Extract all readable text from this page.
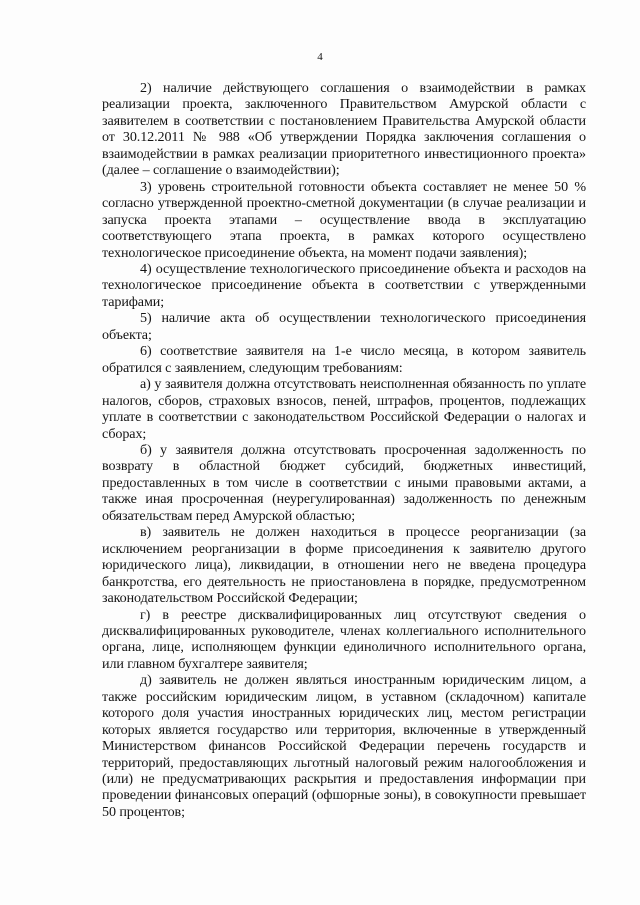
4

2) наличие действующего соглашения о взаимодействии в рамках реализации проекта, заключенного Правительством Амурской области с заявителем в соответствии с постановлением Правительства Амурской области от 30.12.2011 № 988 «Об утверждении Порядка заключения соглашения о взаимодействии в рамках реализации приоритетного инвестиционного проекта» (далее – соглашение о взаимодействии);

3) уровень строительной готовности объекта составляет не менее 50 % согласно утвержденной проектно-сметной документации (в случае реализации и запуска проекта этапами – осуществление ввода в эксплуатацию соответствующего этапа проекта, в рамках которого осуществлено технологическое присоединение объекта, на момент подачи заявления);

4) осуществление технологического присоединение объекта и расходов на технологическое присоединение объекта в соответствии с утвержденными тарифами;

5) наличие акта об осуществлении технологического присоединения объекта;

6) соответствие заявителя на 1-е число месяца, в котором заявитель обратился с заявлением, следующим требованиям:

а) у заявителя должна отсутствовать неисполненная обязанность по уплате налогов, сборов, страховых взносов, пеней, штрафов, процентов, подлежащих уплате в соответствии с законодательством Российской Федерации о налогах и сборах;

б) у заявителя должна отсутствовать просроченная задолженность по возврату в областной бюджет субсидий, бюджетных инвестиций, предоставленных в том числе в соответствии с иными правовыми актами, а также иная просроченная (неурегулированная) задолженность по денежным обязательствам перед Амурской областью;

в) заявитель не должен находиться в процессе реорганизации (за исключением реорганизации в форме присоединения к заявителю другого юридического лица), ликвидации, в отношении него не введена процедура банкротства, его деятельность не приостановлена в порядке, предусмотренном законодательством Российской Федерации;

г) в реестре дисквалифицированных лиц отсутствуют сведения о дисквалифицированных руководителе, членах коллегиального исполнительного органа, лице, исполняющем функции единоличного исполнительного органа, или главном бухгалтере заявителя;

д) заявитель не должен являться иностранным юридическим лицом, а также российским юридическим лицом, в уставном (складочном) капитале которого доля участия иностранных юридических лиц, местом регистрации которых является государство или территория, включенные в утвержденный Министерством финансов Российской Федерации перечень государств и территорий, предоставляющих льготный налоговый режим налогообложения и (или) не предусматривающих раскрытия и предоставления информации при проведении финансовых операций (офшорные зоны), в совокупности превышает 50 процентов;
